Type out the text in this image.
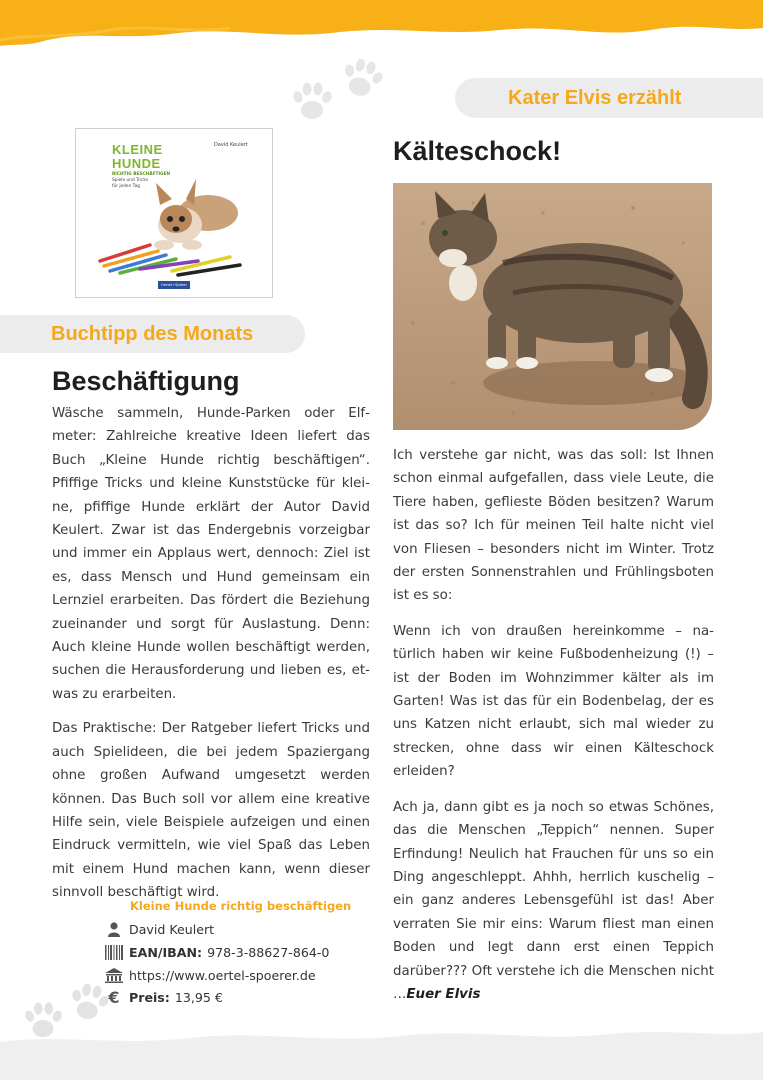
Kater Elvis erzählt
Kälteschock!
KLEINE
HUNDE
RICHTIG BESCHÄFTIGEN
Spiele und Tricks
für jeden Tag
David Keulert
Oertel+Spörer
Buchtipp des Monats
Beschäftigung

Wäsche sammeln, Hunde-Parken oder Elfmeter: Zahlreiche kreative Ideen liefert das Buch „Kleine Hunde richtig beschäftigen“. Pfiffige Tricks und kleine Kunststücke für kleine, pfiffige Hunde erklärt der Autor David Keulert. Zwar ist das Endergebnis vorzeigbar und immer ein Applaus wert, dennoch: Ziel ist es, dass Mensch und Hund gemeinsam ein Lernziel erarbeiten. Das fördert die Beziehung zueinander und sorgt für Auslastung. Denn: Auch kleine Hunde wollen beschäftigt werden, suchen die Herausforderung und lieben es, etwas zu erarbeiten.

Das Praktische: Der Ratgeber liefert Tricks und auch Spielideen, die bei jedem Spaziergang ohne großen Aufwand umgesetzt werden können. Das Buch soll vor allem eine kreative Hilfe sein, viele Beispiele aufzeigen und einen Eindruck vermitteln, wie viel Spaß das Leben mit einem Hund machen kann, wenn dieser sinnvoll beschäftigt wird.

Kleine Hunde richtig beschäftigen
David Keulert
EAN/IBAN: 978-3-88627-864-0
https://www.oertel-spoerer.de
€ Preis: 13,95 €

Ich verstehe gar nicht, was das soll: Ist Ihnen schon einmal aufgefallen, dass viele Leute, die Tiere haben, geflieste Böden besitzen? Warum ist das so? Ich für meinen Teil halte nicht viel von Fliesen – besonders nicht im Winter. Trotz der ersten Sonnenstrahlen und Frühlingsboten ist es so:

Wenn ich von draußen hereinkomme – natürlich haben wir keine Fußbodenheizung (!) – ist der Boden im Wohnzimmer kälter als im Garten! Was ist das für ein Bodenbelag, der es uns Katzen nicht erlaubt, sich mal wieder zu strecken, ohne dass wir einen Kälteschock erleiden?

Ach ja, dann gibt es ja noch so etwas Schönes, das die Menschen „Teppich“ nennen. Super Erfindung! Neulich hat Frauchen für uns so ein Ding angeschleppt. Ahhh, herrlich kuschelig – ein ganz anderes Lebensgefühl ist das! Aber verraten Sie mir eins: Warum fliest man einen Boden und legt dann erst einen Teppich darüber??? Oft verstehe ich die Menschen nicht …Euer Elvis
